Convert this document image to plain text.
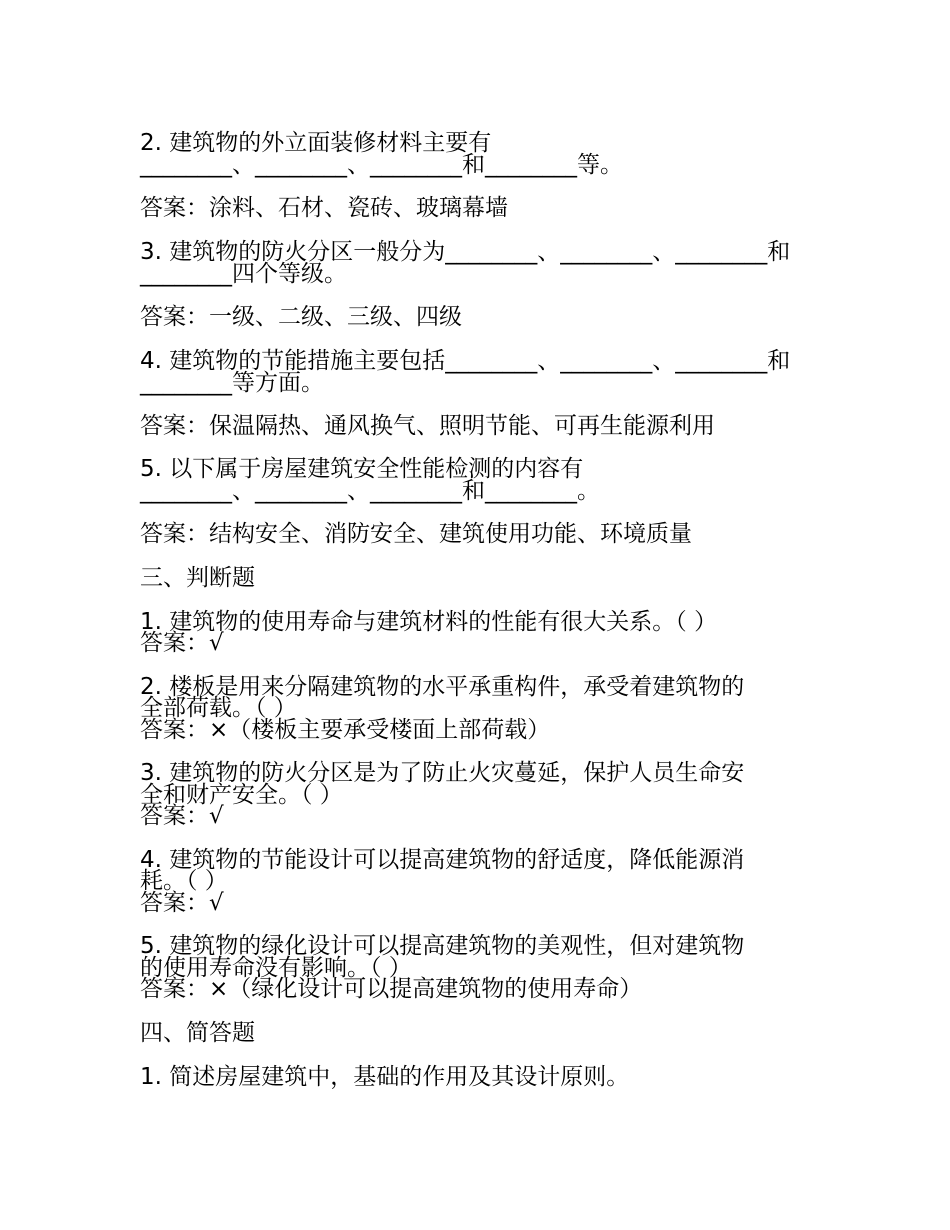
2. 建筑物的外立面装修材料主要有
________、________、________和________等。
答案：涂料、石材、瓷砖、玻璃幕墙
3. 建筑物的防火分区一般分为________、________、________和
________四个等级。
答案：一级、二级、三级、四级
4. 建筑物的节能措施主要包括________、________、________和
________等方面。
答案：保温隔热、通风换气、照明节能、可再生能源利用
5. 以下属于房屋建筑安全性能检测的内容有
________、________、________和________。
答案：结构安全、消防安全、建筑使用功能、环境质量
三、判断题
1. 建筑物的使用寿命与建筑材料的性能有很大关系。（ ）
答案：√
2. 楼板是用来分隔建筑物的水平承重构件，承受着建筑物的
全部荷载。（ ）
答案：×（楼板主要承受楼面上部荷载）
3. 建筑物的防火分区是为了防止火灾蔓延，保护人员生命安
全和财产安全。（ ）
答案：√
4. 建筑物的节能设计可以提高建筑物的舒适度，降低能源消
耗。（ ）
答案：√
5. 建筑物的绿化设计可以提高建筑物的美观性，但对建筑物
的使用寿命没有影响。（ ）
答案：×（绿化设计可以提高建筑物的使用寿命）
四、简答题
1. 简述房屋建筑中，基础的作用及其设计原则。
